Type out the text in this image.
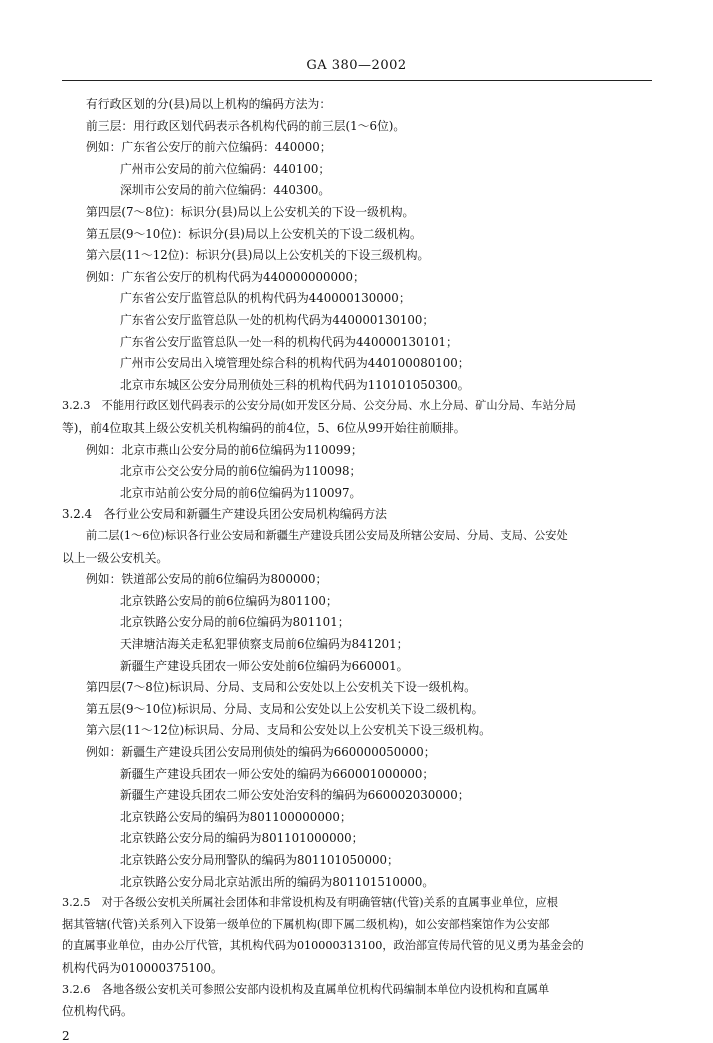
GA 380—2002
有行政区划的分(县)局以上机构的编码方法为：
前三层：用行政区划代码表示各机构代码的前三层(1～6位)。
例如：广东省公安厅的前六位编码：440000；
广州市公安局的前六位编码：440100；
深圳市公安局的前六位编码：440300。
第四层(7～8位)：标识分(县)局以上公安机关的下设一级机构。
第五层(9～10位)：标识分(县)局以上公安机关的下设二级机构。
第六层(11～12位)：标识分(县)局以上公安机关的下设三级机构。
例如：广东省公安厅的机构代码为440000000000；
广东省公安厅监管总队的机构代码为440000130000；
广东省公安厅监管总队一处的机构代码为440000130100；
广东省公安厅监管总队一处一科的机构代码为440000130101；
广州市公安局出入境管理处综合科的机构代码为440100080100；
北京市东城区公安分局刑侦处三科的机构代码为110101050300。
3.2.3　不能用行政区划代码表示的公安分局(如开发区分局、公交分局、水上分局、矿山分局、车站分局
等)，前4位取其上级公安机关机构编码的前4位，5、6位从99开始往前顺排。
例如：北京市燕山公安分局的前6位编码为110099；
北京市公交公安分局的前6位编码为110098；
北京市站前公安分局的前6位编码为110097。
3.2.4　各行业公安局和新疆生产建设兵团公安局机构编码方法
前二层(1～6位)标识各行业公安局和新疆生产建设兵团公安局及所辖公安局、分局、支局、公安处
以上一级公安机关。
例如：铁道部公安局的前6位编码为800000；
北京铁路公安局的前6位编码为801100；
北京铁路公安分局的前6位编码为801101；
天津塘沽海关走私犯罪侦察支局前6位编码为841201；
新疆生产建设兵团农一师公安处前6位编码为660001。
第四层(7～8位)标识局、分局、支局和公安处以上公安机关下设一级机构。
第五层(9～10位)标识局、分局、支局和公安处以上公安机关下设二级机构。
第六层(11～12位)标识局、分局、支局和公安处以上公安机关下设三级机构。
例如：新疆生产建设兵团公安局刑侦处的编码为660000050000；
新疆生产建设兵团农一师公安处的编码为660001000000；
新疆生产建设兵团农二师公安处治安科的编码为660002030000；
北京铁路公安局的编码为801100000000；
北京铁路公安分局的编码为801101000000；
北京铁路公安分局刑警队的编码为801101050000；
北京铁路公安分局北京站派出所的编码为801101510000。
3.2.5　对于各级公安机关所属社会团体和非常设机构及有明确管辖(代管)关系的直属事业单位，应根
据其管辖(代管)关系列入下设第一级单位的下属机构(即下属二级机构)，如公安部档案馆作为公安部
的直属事业单位，由办公厅代管，其机构代码为010000313100，政治部宣传局代管的见义勇为基金会的
机构代码为010000375100。
3.2.6　各地各级公安机关可参照公安部内设机构及直属单位机构代码编制本单位内设机构和直属单
位机构代码。
2
